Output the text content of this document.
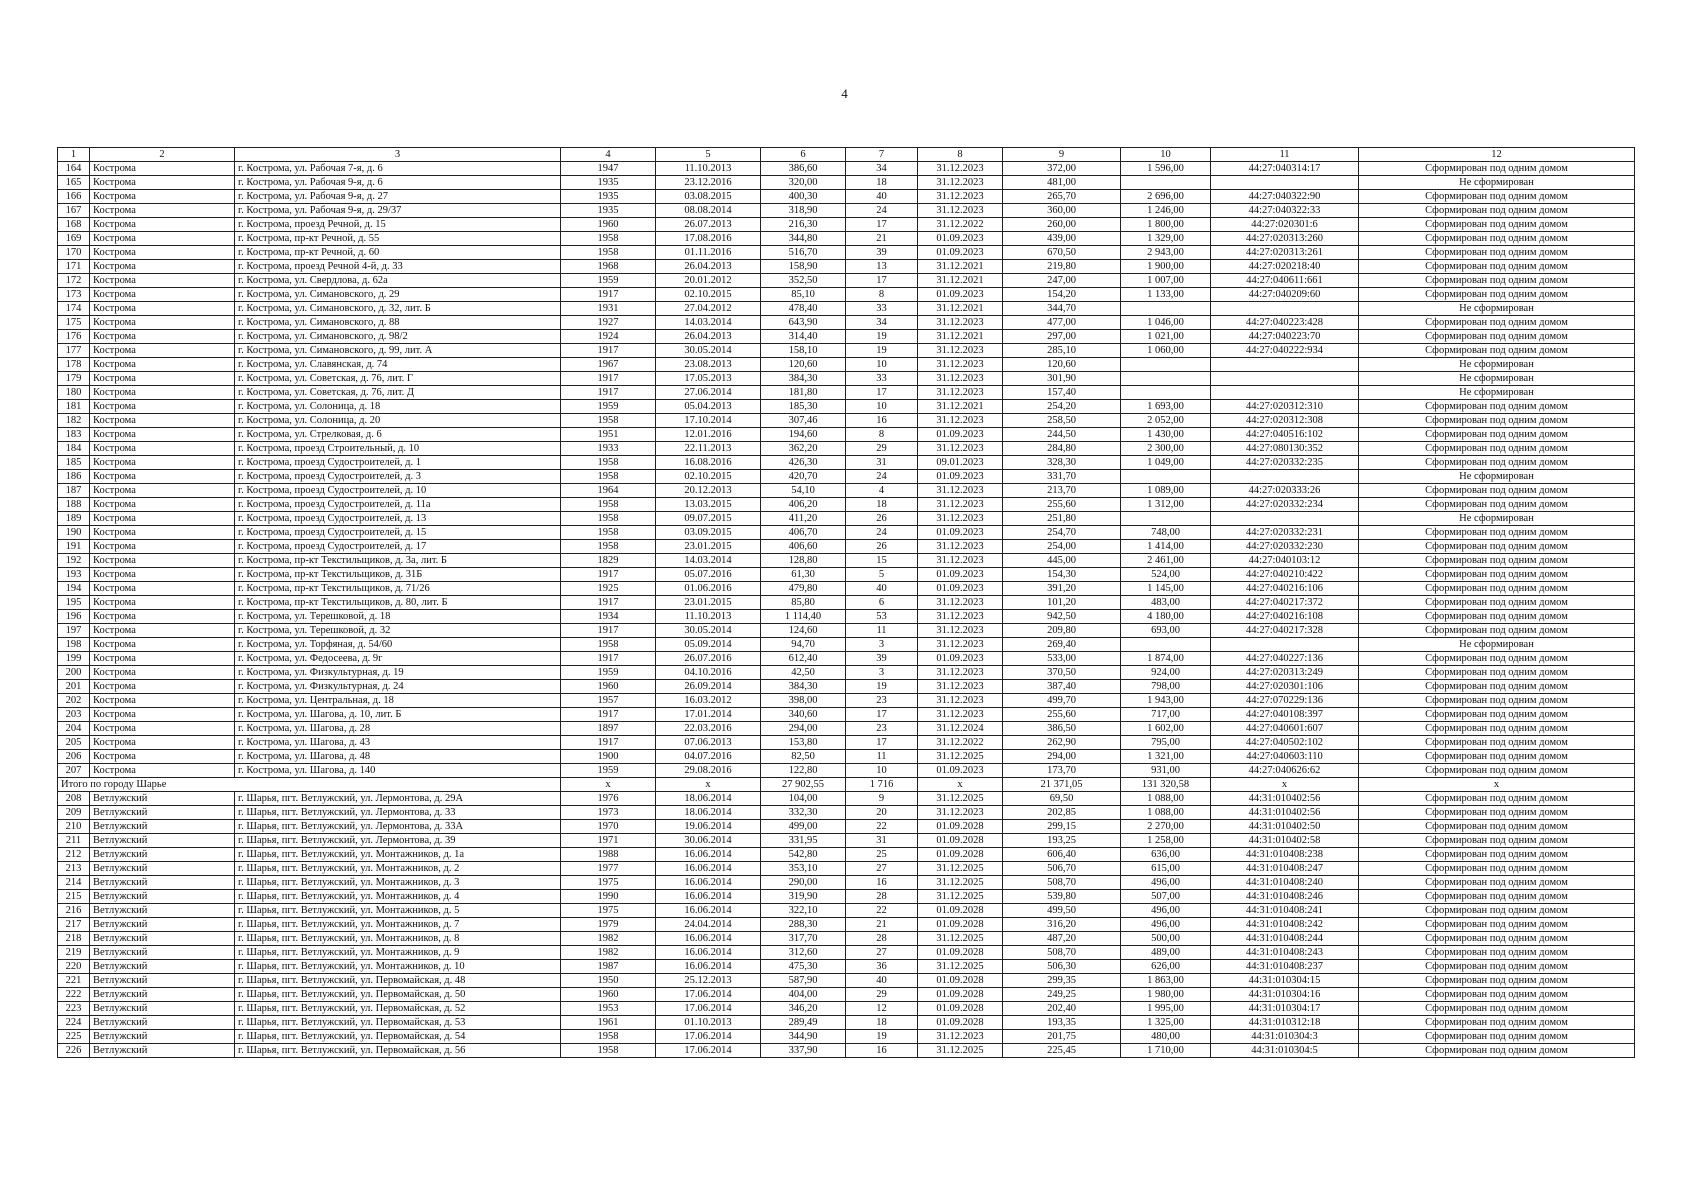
4
1	2	3	4	5	6	7	8	9	10	11	12
164	Кострома	г. Кострома, ул. Рабочая 7-я, д. 6	1947	11.10.2013	386,60	34	31.12.2023	372,00	1 596,00	44:27:040314:17	Сформирован под одним домом
165	Кострома	г. Кострома, ул. Рабочая 9-я, д. 6	1935	23.12.2016	320,00	18	31.12.2023	481,00			Не сформирован
166	Кострома	г. Кострома, ул. Рабочая 9-я, д. 27	1935	03.08.2015	400,30	40	31.12.2023	265,70	2 696,00	44:27:040322:90	Сформирован под одним домом
167	Кострома	г. Кострома, ул. Рабочая 9-я, д. 29/37	1935	08.08.2014	318,90	24	31.12.2023	360,00	1 246,00	44:27:040322:33	Сформирован под одним домом
168	Кострома	г. Кострома, проезд Речной, д. 15	1960	26.07.2013	216,30	17	31.12.2022	260,00	1 800,00	44:27:020301:6	Сформирован под одним домом
169	Кострома	г. Кострома, пр-кт Речной, д. 55	1958	17.08.2016	344,80	21	01.09.2023	439,00	1 329,00	44:27:020313:260	Сформирован под одним домом
170	Кострома	г. Кострома, пр-кт Речной, д. 60	1958	01.11.2016	516,70	39	01.09.2023	670,50	2 943,00	44:27:020313:261	Сформирован под одним домом
171	Кострома	г. Кострома, проезд Речной 4-й, д. 33	1968	26.04.2013	158,90	13	31.12.2021	219,80	1 900,00	44:27:020218:40	Сформирован под одним домом
172	Кострома	г. Кострома, ул. Свердлова, д. 62а	1959	20.01.2012	352,50	17	31.12.2021	247,00	1 007,00	44:27:040611:661	Сформирован под одним домом
173	Кострома	г. Кострома, ул. Симановского, д. 29	1917	02.10.2015	85,10	8	01.09.2023	154,20	1 133,00	44:27:040209:60	Сформирован под одним домом
174	Кострома	г. Кострома, ул. Симановского, д. 32, лит. Б	1931	27.04.2012	478,40	33	31.12.2021	344,70			Не сформирован
175	Кострома	г. Кострома, ул. Симановского, д. 88	1927	14.03.2014	643,90	34	31.12.2023	477,00	1 046,00	44:27:040223:428	Сформирован под одним домом
176	Кострома	г. Кострома, ул. Симановского, д. 98/2	1924	26.04.2013	314,40	19	31.12.2021	297,00	1 021,00	44:27:040223:70	Сформирован под одним домом
177	Кострома	г. Кострома, ул. Симановского, д. 99, лит. А	1917	30.05.2014	158,10	19	31.12.2023	285,10	1 060,00	44:27:040222:934	Сформирован под одним домом
178	Кострома	г. Кострома, ул. Славянская, д. 74	1967	23.08.2013	120,60	10	31.12.2023	120,60			Не сформирован
179	Кострома	г. Кострома, ул. Советская, д. 76, лит. Г	1917	17.05.2013	384,30	33	31.12.2023	301,90			Не сформирован
180	Кострома	г. Кострома, ул. Советская, д. 76, лит. Д	1917	27.06.2014	181,80	17	31.12.2023	157,40			Не сформирован
181	Кострома	г. Кострома, ул. Солоница, д. 18	1959	05.04.2013	185,30	10	31.12.2021	254,20	1 693,00	44:27:020312:310	Сформирован под одним домом
182	Кострома	г. Кострома, ул. Солоница, д. 20	1958	17.10.2014	307,46	16	31.12.2023	258,50	2 052,00	44:27:020312:308	Сформирован под одним домом
183	Кострома	г. Кострома, ул. Стрелковая, д. 6	1951	12.01.2016	194,60	8	01.09.2023	244,50	1 430,00	44:27:040516:102	Сформирован под одним домом
184	Кострома	г. Кострома, проезд Строительный, д. 10	1933	22.11.2013	362,20	29	31.12.2023	284,80	2 300,00	44:27:080130:352	Сформирован под одним домом
185	Кострома	г. Кострома, проезд Судостроителей, д. 1	1958	16.08.2016	426,30	31	09.01.2023	328,30	1 049,00	44:27:020332:235	Сформирован под одним домом
186	Кострома	г. Кострома, проезд Судостроителей, д. 3	1958	02.10.2015	420,70	24	01.09.2023	331,70			Не сформирован
187	Кострома	г. Кострома, проезд Судостроителей, д. 10	1964	20.12.2013	54,10	4	31.12.2023	213,70	1 089,00	44:27:020333:26	Сформирован под одним домом
188	Кострома	г. Кострома, проезд Судостроителей, д. 11а	1958	13.03.2015	406,20	18	31.12.2023	255,60	1 312,00	44:27:020332:234	Сформирован под одним домом
189	Кострома	г. Кострома, проезд Судостроителей, д. 13	1958	09.07.2015	411,20	26	31.12.2023	251,80			Не сформирован
190	Кострома	г. Кострома, проезд Судостроителей, д. 15	1958	03.09.2015	406,70	24	01.09.2023	254,70	748,00	44:27:020332:231	Сформирован под одним домом
191	Кострома	г. Кострома, проезд Судостроителей, д. 17	1958	23.01.2015	406,60	26	31.12.2023	254,00	1 414,00	44:27:020332:230	Сформирован под одним домом
192	Кострома	г. Кострома, пр-кт Текстильщиков, д. 3а, лит. Б	1829	14.03.2014	128,80	15	31.12.2023	445,00	2 461,00	44:27:040103:12	Сформирован под одним домом
193	Кострома	г. Кострома, пр-кт Текстильщиков, д. 31Б	1917	05.07.2016	61,30	5	01.09.2023	154,30	524,00	44:27:040210:422	Сформирован под одним домом
194	Кострома	г. Кострома, пр-кт Текстильщиков, д. 71/26	1925	01.06.2016	479,80	40	01.09.2023	391,20	1 145,00	44:27:040216:106	Сформирован под одним домом
195	Кострома	г. Кострома, пр-кт Текстильщиков, д. 80, лит. Б	1917	23.01.2015	85,80	6	31.12.2023	101,20	483,00	44:27:040217:372	Сформирован под одним домом
196	Кострома	г. Кострома, ул. Терешковой, д. 18	1934	11.10.2013	1 114,40	53	31.12.2023	942,50	4 180,00	44:27:040216:108	Сформирован под одним домом
197	Кострома	г. Кострома, ул. Терешковой, д. 32	1917	30.05.2014	124,60	11	31.12.2023	209,80	693,00	44:27:040217:328	Сформирован под одним домом
198	Кострома	г. Кострома, ул. Торфяная, д. 54/60	1958	05.09.2014	94,70	3	31.12.2023	269,40			Не сформирован
199	Кострома	г. Кострома, ул. Федосеева, д. 9г	1917	26.07.2016	612,40	39	01.09.2023	533,00	1 874,00	44:27:040227:136	Сформирован под одним домом
200	Кострома	г. Кострома, ул. Физкультурная, д. 19	1959	04.10.2016	42,50	3	31.12.2023	370,50	924,00	44:27:020313:249	Сформирован под одним домом
201	Кострома	г. Кострома, ул. Физкультурная, д. 24	1960	26.09.2014	384,30	19	31.12.2023	387,40	798,00	44:27:020301:106	Сформирован под одним домом
202	Кострома	г. Кострома, ул. Центральная, д. 18	1957	16.03.2012	398,00	23	31.12.2023	499,70	1 943,00	44:27:070229:136	Сформирован под одним домом
203	Кострома	г. Кострома, ул. Шагова, д. 10, лит. Б	1917	17.01.2014	340,60	17	31.12.2023	255,60	717,00	44:27:040108:397	Сформирован под одним домом
204	Кострома	г. Кострома, ул. Шагова, д. 28	1897	22.03.2016	294,00	23	31.12.2024	386,50	1 602,00	44:27:040601:607	Сформирован под одним домом
205	Кострома	г. Кострома, ул. Шагова, д. 43	1917	07.06.2013	153,80	17	31.12.2022	262,90	795,00	44:27:040502:102	Сформирован под одним домом
206	Кострома	г. Кострома, ул. Шагова, д. 48	1900	04.07.2016	82,50	11	31.12.2025	294,00	1 321,00	44:27:040603:110	Сформирован под одним домом
207	Кострома	г. Кострома, ул. Шагова, д. 140	1959	29.08.2016	122,80	10	01.09.2023	173,70	931,00	44:27:040626:62	Сформирован под одним домом
Итого по городу Шарье			x	x	27 902,55	1 716	x	21 371,05	131 320,58	x	x
208	Ветлужский	г. Шарья, пгт. Ветлужский, ул. Лермонтова, д. 29А	1976	18.06.2014	104,00	9	31.12.2025	69,50	1 088,00	44:31:010402:56	Сформирован под одним домом
209	Ветлужский	г. Шарья, пгт. Ветлужский, ул. Лермонтова, д. 33	1973	18.06.2014	332,30	20	31.12.2023	202,85	1 088,00	44:31:010402:56	Сформирован под одним домом
210	Ветлужский	г. Шарья, пгт. Ветлужский, ул. Лермонтова, д. 33А	1970	19.06.2014	499,00	22	01.09.2028	299,15	2 270,00	44:31:010402:50	Сформирован под одним домом
211	Ветлужский	г. Шарья, пгт. Ветлужский, ул. Лермонтова, д. 39	1971	30.06.2014	331,95	31	01.09.2028	193,25	1 258,00	44:31:010402:58	Сформирован под одним домом
212	Ветлужский	г. Шарья, пгт. Ветлужский, ул. Монтажников, д. 1а	1988	16.06.2014	542,80	25	01.09.2028	606,40	636,00	44:31:010408:238	Сформирован под одним домом
213	Ветлужский	г. Шарья, пгт. Ветлужский, ул. Монтажников, д. 2	1977	16.06.2014	353,10	27	31.12.2025	506,70	615,00	44:31:010408:247	Сформирован под одним домом
214	Ветлужский	г. Шарья, пгт. Ветлужский, ул. Монтажников, д. 3	1975	16.06.2014	290,00	16	31.12.2025	508,70	496,00	44:31:010408:240	Сформирован под одним домом
215	Ветлужский	г. Шарья, пгт. Ветлужский, ул. Монтажников, д. 4	1990	16.06.2014	319,90	28	31.12.2025	539,80	507,00	44:31:010408:246	Сформирован под одним домом
216	Ветлужский	г. Шарья, пгт. Ветлужский, ул. Монтажников, д. 5	1975	16.06.2014	322,10	22	01.09.2028	499,50	496,00	44:31:010408:241	Сформирован под одним домом
217	Ветлужский	г. Шарья, пгт. Ветлужский, ул. Монтажников, д. 7	1979	24.04.2014	288,30	21	01.09.2028	316,20	496,00	44:31:010408:242	Сформирован под одним домом
218	Ветлужский	г. Шарья, пгт. Ветлужский, ул. Монтажников, д. 8	1982	16.06.2014	317,70	28	31.12.2025	487,20	500,00	44:31:010408:244	Сформирован под одним домом
219	Ветлужский	г. Шарья, пгт. Ветлужский, ул. Монтажников, д. 9	1982	16.06.2014	312,60	27	01.09.2028	508,70	489,00	44:31:010408:243	Сформирован под одним домом
220	Ветлужский	г. Шарья, пгт. Ветлужский, ул. Монтажников, д. 10	1987	16.06.2014	475,30	36	31.12.2025	506,30	626,00	44:31:010408:237	Сформирован под одним домом
221	Ветлужский	г. Шарья, пгт. Ветлужский, ул. Первомайская, д. 48	1950	25.12.2013	587,90	40	01.09.2028	299,35	1 863,00	44:31:010304:15	Сформирован под одним домом
222	Ветлужский	г. Шарья, пгт. Ветлужский, ул. Первомайская, д. 50	1960	17.06.2014	404,00	29	01.09.2028	249,25	1 980,00	44:31:010304:16	Сформирован под одним домом
223	Ветлужский	г. Шарья, пгт. Ветлужский, ул. Первомайская, д. 52	1953	17.06.2014	346,20	12	01.09.2028	202,40	1 995,00	44:31:010304:17	Сформирован под одним домом
224	Ветлужский	г. Шарья, пгт. Ветлужский, ул. Первомайская, д. 53	1961	01.10.2013	289,49	18	01.09.2028	193,35	1 325,00	44:31:010312:18	Сформирован под одним домом
225	Ветлужский	г. Шарья, пгт. Ветлужский, ул. Первомайская, д. 54	1958	17.06.2014	344,90	19	31.12.2023	201,75	480,00	44:31:010304:3	Сформирован под одним домом
226	Ветлужский	г. Шарья, пгт. Ветлужский, ул. Первомайская, д. 56	1958	17.06.2014	337,90	16	31.12.2025	225,45	1 710,00	44:31:010304:5	Сформирован под одним домом
